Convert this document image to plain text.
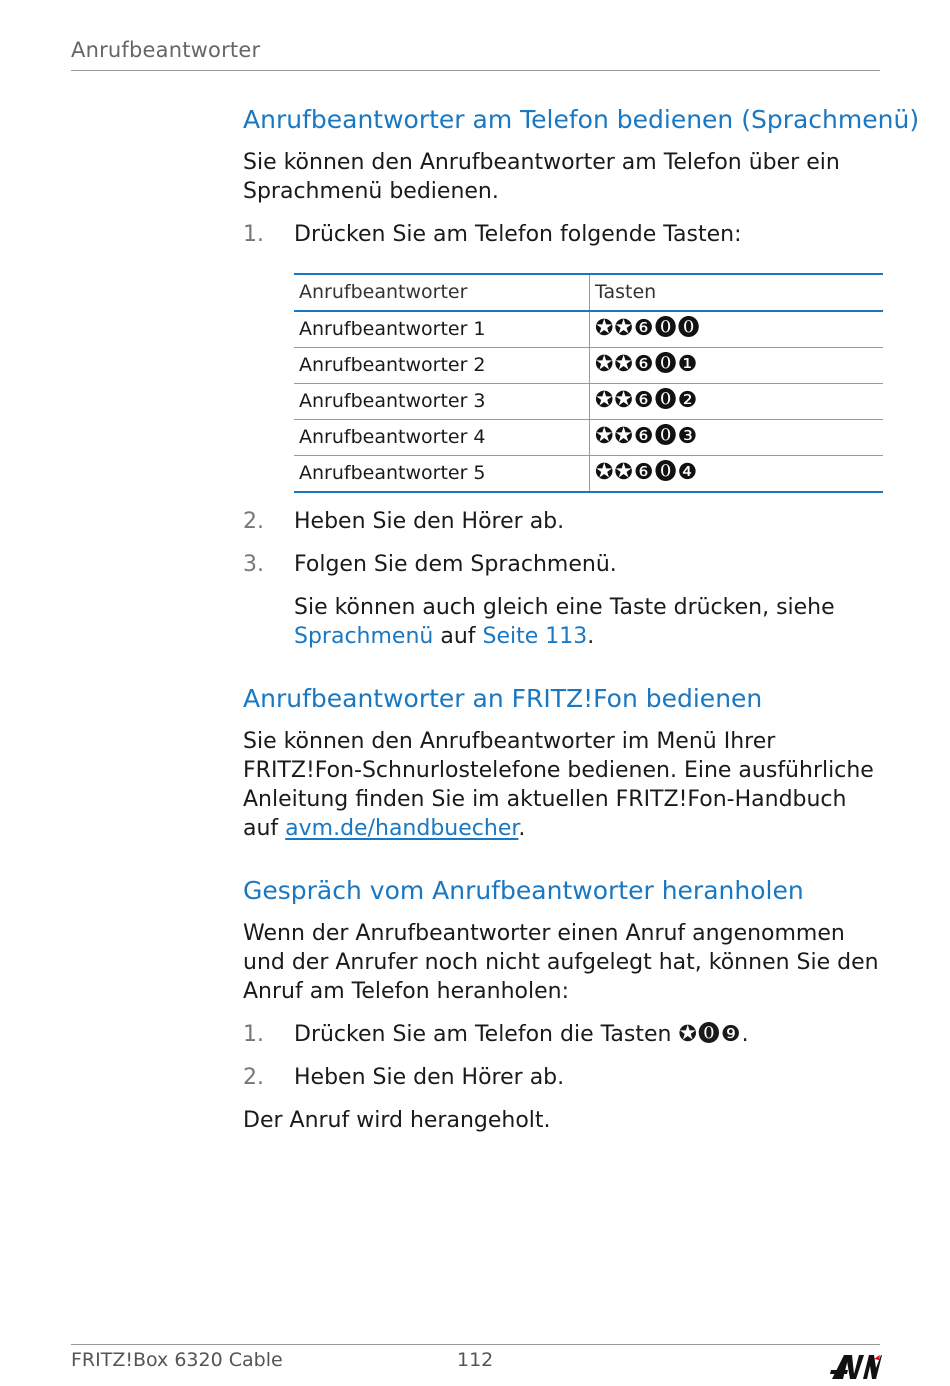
Anrufbeantworter
Anrufbeantworter am Telefon bedienen (Sprachmenü)

Sie können den Anrufbeantworter am Telefon über ein Sprachmenü bedienen.

1.	Drücken Sie am Telefon folgende Tasten:
Anrufbeantworter	Tasten
Anrufbeantworter 1	✪✪❻⓿⓿
Anrufbeantworter 2	✪✪❻⓿❶
Anrufbeantworter 3	✪✪❻⓿❷
Anrufbeantworter 4	✪✪❻⓿❸
Anrufbeantworter 5	✪✪❻⓿❹
2.	Heben Sie den Hörer ab.
3.	Folgen Sie dem Sprachmenü.

Sie können auch gleich eine Taste drücken, siehe Sprachmenü auf Seite 113.

Anrufbeantworter an FRITZ!Fon bedienen

Sie können den Anrufbeantworter im Menü Ihrer FRITZ!Fon-Schnurlostelefone bedienen. Eine ausführliche Anleitung finden Sie im aktuellen FRITZ!Fon-Handbuch auf avm.de/handbuecher.

Gespräch vom Anrufbeantworter heranholen

Wenn der Anrufbeantworter einen Anruf angenommen und der Anrufer noch nicht aufgelegt hat, können Sie den Anruf am Telefon heranholen:

1.	Drücken Sie am Telefon die Tasten ✪⓿❾.
2.	Heben Sie den Hörer ab.

Der Anruf wird herangeholt.

FRITZ!Box 6320 Cable	112
